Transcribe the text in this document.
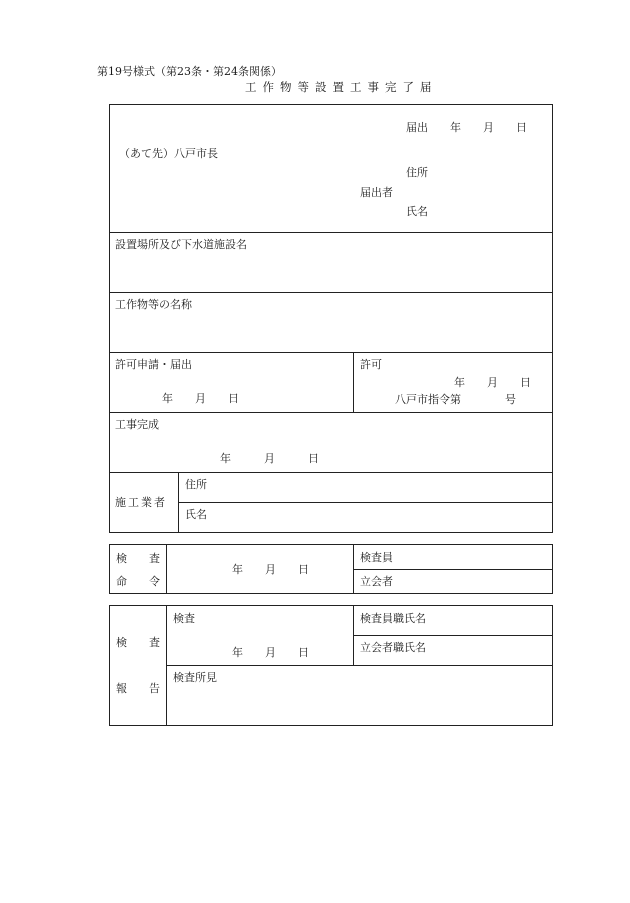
第19号様式（第23条・第24条関係）
工作物等設置工事完了届
届出　　年　　月　　日
（あて先）八戸市長
住所
届出者
氏名
設置場所及び下水道施設名
工作物等の名称
許可申請・届出
年　　月　　日
許可
年　　月　　日
八戸市指令第　　　　号
工事完成
年　　　月　　　日
施工業者
住所
氏名
検　　査
命　　令
年　　月　　日
検査員
立会者
検　　査
報　　告
検査
年　　月　　日
検査員職氏名
立会者職氏名
検査所見
